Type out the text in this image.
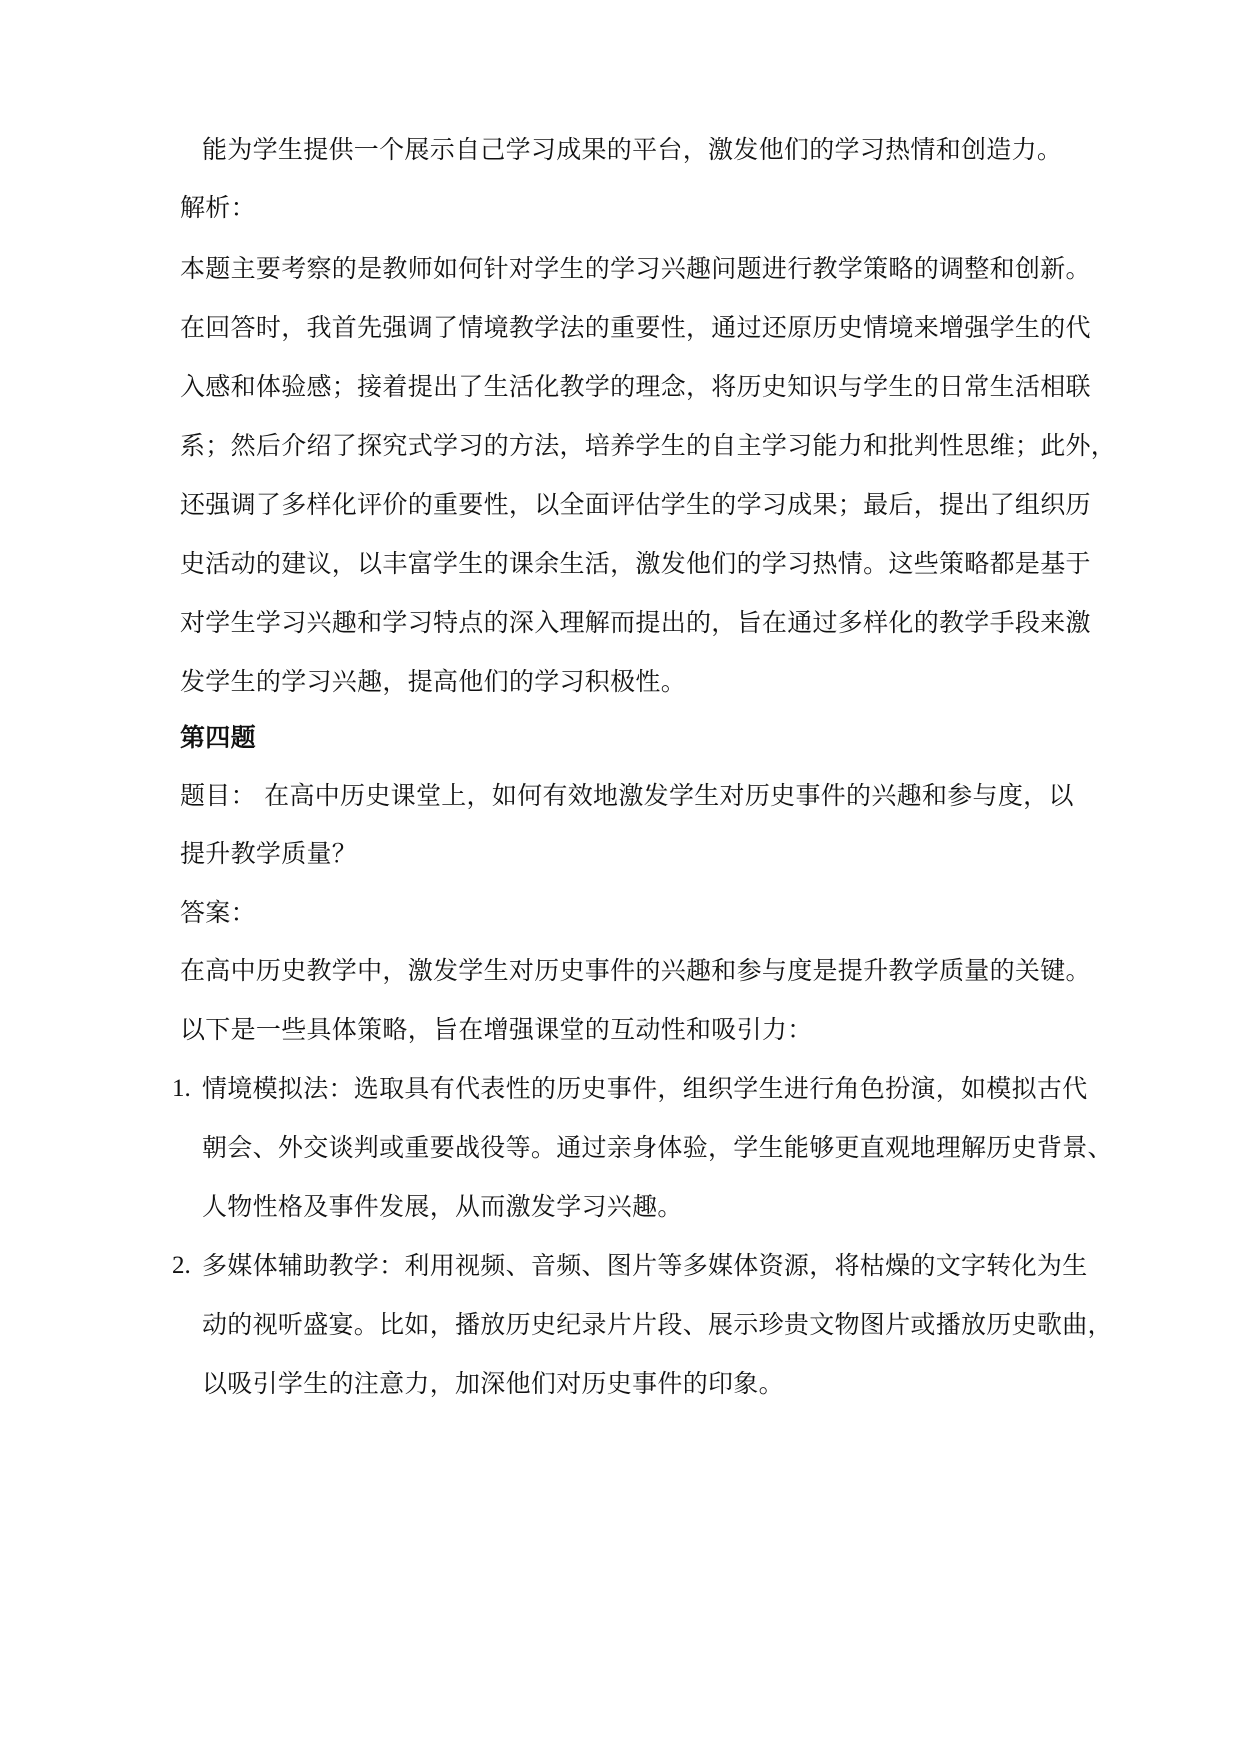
能为学生提供一个展示自己学习成果的平台，激发他们的学习热情和创造力。
解析：
本题主要考察的是教师如何针对学生的学习兴趣问题进行教学策略的调整和创新。
在回答时，我首先强调了情境教学法的重要性，通过还原历史情境来增强学生的代
入感和体验感；接着提出了生活化教学的理念，将历史知识与学生的日常生活相联
系；然后介绍了探究式学习的方法，培养学生的自主学习能力和批判性思维；此外，
还强调了多样化评价的重要性，以全面评估学生的学习成果；最后，提出了组织历
史活动的建议，以丰富学生的课余生活，激发他们的学习热情。这些策略都是基于
对学生学习兴趣和学习特点的深入理解而提出的，旨在通过多样化的教学手段来激
发学生的学习兴趣，提高他们的学习积极性。
第四题
题目： 在高中历史课堂上，如何有效地激发学生对历史事件的兴趣和参与度，以
提升教学质量？
答案：
在高中历史教学中，激发学生对历史事件的兴趣和参与度是提升教学质量的关键。
以下是一些具体策略，旨在增强课堂的互动性和吸引力：
1. 情境模拟法：选取具有代表性的历史事件，组织学生进行角色扮演，如模拟古代
朝会、外交谈判或重要战役等。通过亲身体验，学生能够更直观地理解历史背景、
人物性格及事件发展，从而激发学习兴趣。
2. 多媒体辅助教学：利用视频、音频、图片等多媒体资源，将枯燥的文字转化为生
动的视听盛宴。比如，播放历史纪录片片段、展示珍贵文物图片或播放历史歌曲，
以吸引学生的注意力，加深他们对历史事件的印象。
